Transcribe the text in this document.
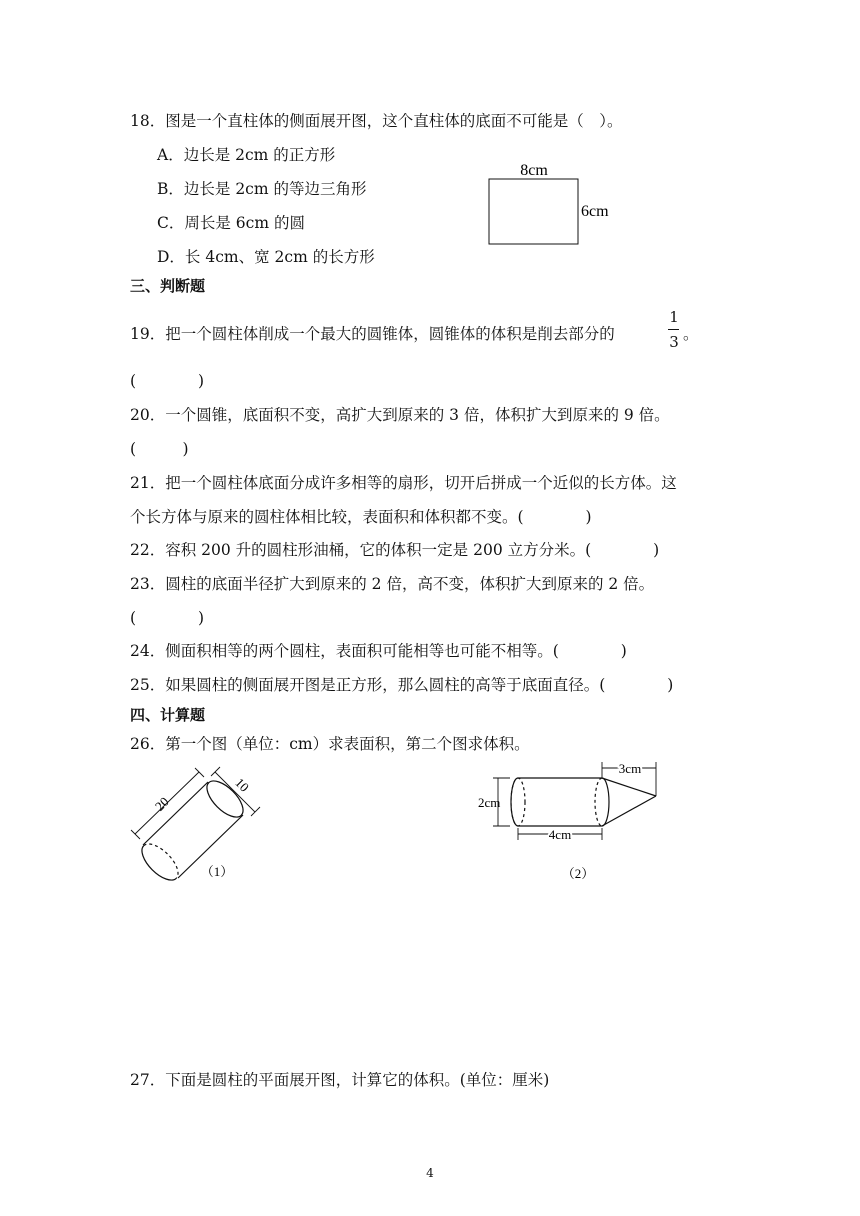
18．图是一个直柱体的侧面展开图，这个直柱体的底面不可能是（　）。
A．边长是 2cm 的正方形
B．边长是 2cm 的等边三角形
C．周长是 6cm 的圆
D．长 4cm、宽 2cm 的长方形
8cm
6cm
三、判断题
19．把一个圆柱体削成一个最大的圆锥体，圆锥体的体积是削去部分的
1
3 。
(　　　　)
20．一个圆锥，底面积不变，高扩大到原来的 3 倍，体积扩大到原来的 9 倍。
(　　　)
21．把一个圆柱体底面分成许多相等的扇形，切开后拼成一个近似的长方体。这
个长方体与原来的圆柱体相比较，表面积和体积都不变。(　　　　)
22．容积 200 升的圆柱形油桶，它的体积一定是 200 立方分米。(　　　　)
23．圆柱的底面半径扩大到原来的 2 倍，高不变，体积扩大到原来的 2 倍。
(　　　　)
24．侧面积相等的两个圆柱，表面积可能相等也可能不相等。(　　　　)
25．如果圆柱的侧面展开图是正方形，那么圆柱的高等于底面直径。(　　　　)
四、计算题
26．第一个图（单位：cm）求表面积，第二个图求体积。
20
10
（1）
2cm
4cm
3cm
（2）
27．下面是圆柱的平面展开图，计算它的体积。(单位：厘米)
4
